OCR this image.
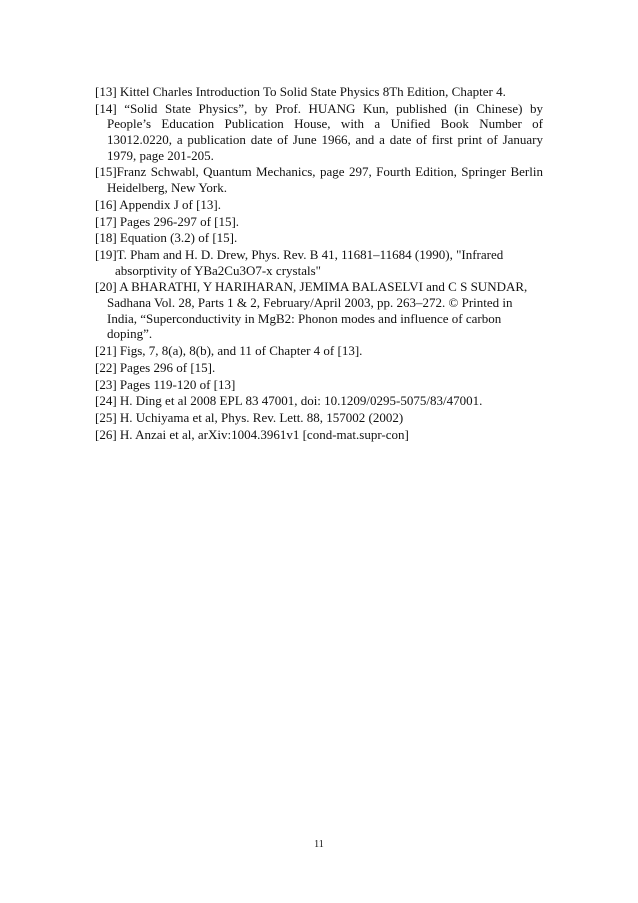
[13] Kittel Charles Introduction To Solid State Physics 8Th Edition, Chapter 4.
[14] “Solid State Physics”, by Prof. HUANG Kun, published (in Chinese) by People’s Education Publication House, with a Unified Book Number of 13012.0220, a publication date of June 1966, and a date of first print of January 1979, page 201-205.
[15]Franz Schwabl, Quantum Mechanics, page 297, Fourth Edition, Springer Berlin Heidelberg, New York.
[16] Appendix J of [13].
[17] Pages 296-297 of [15].
[18] Equation (3.2) of [15].
[19]T. Pham and H. D. Drew, Phys. Rev. B 41, 11681–11684 (1990), "Infrared absorptivity of YBa2Cu3O7-x crystals"
[20] A BHARATHI, Y HARIHARAN, JEMIMA BALASELVI and C S SUNDAR, Sadhana Vol. 28, Parts 1 & 2, February/April 2003, pp. 263–272. © Printed in India, “Superconductivity in MgB2: Phonon modes and influence of carbon doping”.
[21] Figs, 7, 8(a), 8(b), and 11 of Chapter 4 of [13].
[22] Pages 296 of [15].
[23] Pages 119-120 of [13]
[24] H. Ding et al 2008 EPL 83 47001, doi: 10.1209/0295-5075/83/47001.
[25] H. Uchiyama et al, Phys. Rev. Lett. 88, 157002 (2002)
[26] H. Anzai et al, arXiv:1004.3961v1 [cond-mat.supr-con]
11
